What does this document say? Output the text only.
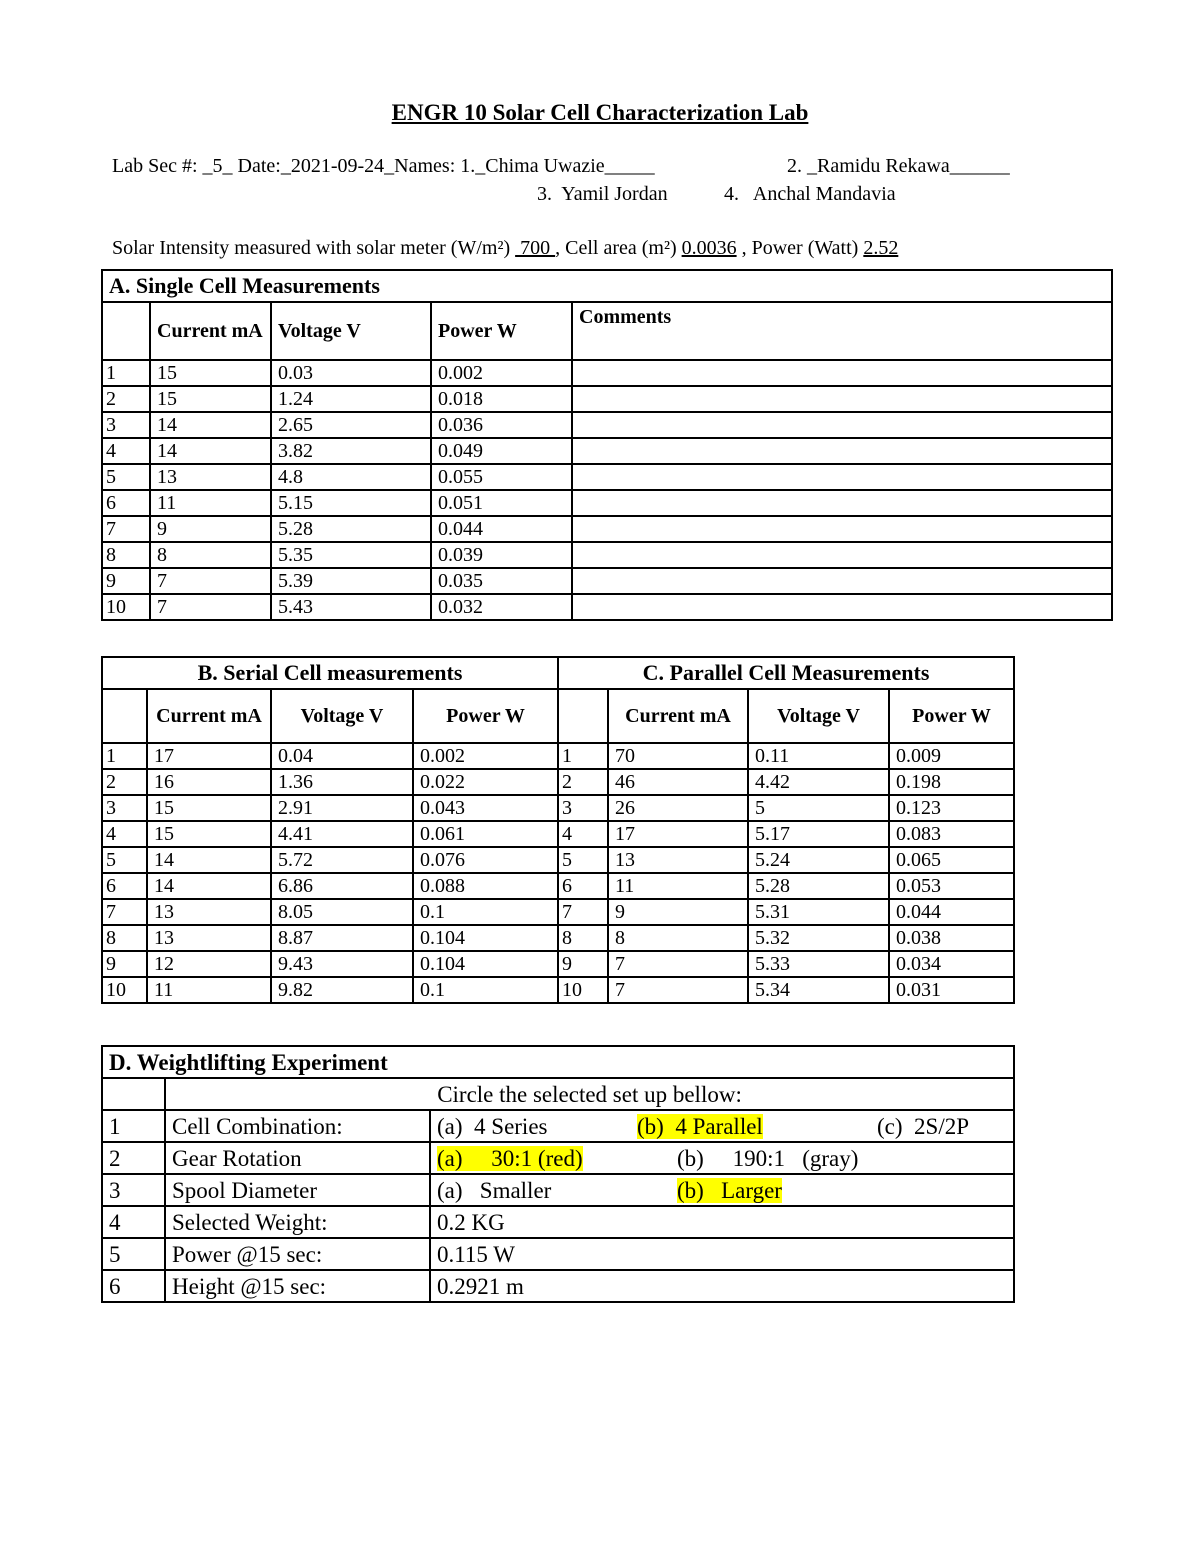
ENGR 10 Solar Cell Characterization Lab
Lab Sec #: _5_ Date:_2021-09-24_Names: 1._Chima Uwazie_____	2. _Ramidu Rekawa______
3.  Yamil Jordan	4.   Anchal Mandavia
Solar Intensity measured with solar meter (W/m²)  700 , Cell area (m²) 0.0036 , Power (Watt) 2.52
A. Single Cell Measurements				
	Current mA	Voltage V	Power W	Comments
1	15	0.03	0.002	
2	15	1.24	0.018	
3	14	2.65	0.036	
4	14	3.82	0.049	
5	13	4.8	0.055	
6	11	5.15	0.051	
7	9	5.28	0.044	
8	8	5.35	0.039	
9	7	5.39	0.035	
10	7	5.43	0.032	
B. Serial Cell measurements				C. Parallel Cell Measurements			
	Current mA	Voltage V	Power W		Current mA	Voltage V	Power W
1	17	0.04	0.002	1	70	0.11	0.009
2	16	1.36	0.022	2	46	4.42	0.198
3	15	2.91	0.043	3	26	5	0.123
4	15	4.41	0.061	4	17	5.17	0.083
5	14	5.72	0.076	5	13	5.24	0.065
6	14	6.86	0.088	6	11	5.28	0.053
7	13	8.05	0.1	7	9	5.31	0.044
8	13	8.87	0.104	8	8	5.32	0.038
9	12	9.43	0.104	9	7	5.33	0.034
10	11	9.82	0.1	10	7	5.34	0.031
D. Weightlifting Experiment		
	Circle the selected set up bellow:	
1	Cell Combination:	(a)  4 Series (b)  4 Parallel (c)  2S/2P
2	Gear Rotation	(a)     30:1 (red) (b)     190:1   (gray)
3	Spool Diameter	(a)   Smaller (b)   Larger
4	Selected Weight:	0.2 KG
5	Power @15 sec:	0.115 W
6	Height @15 sec:	0.2921 m
